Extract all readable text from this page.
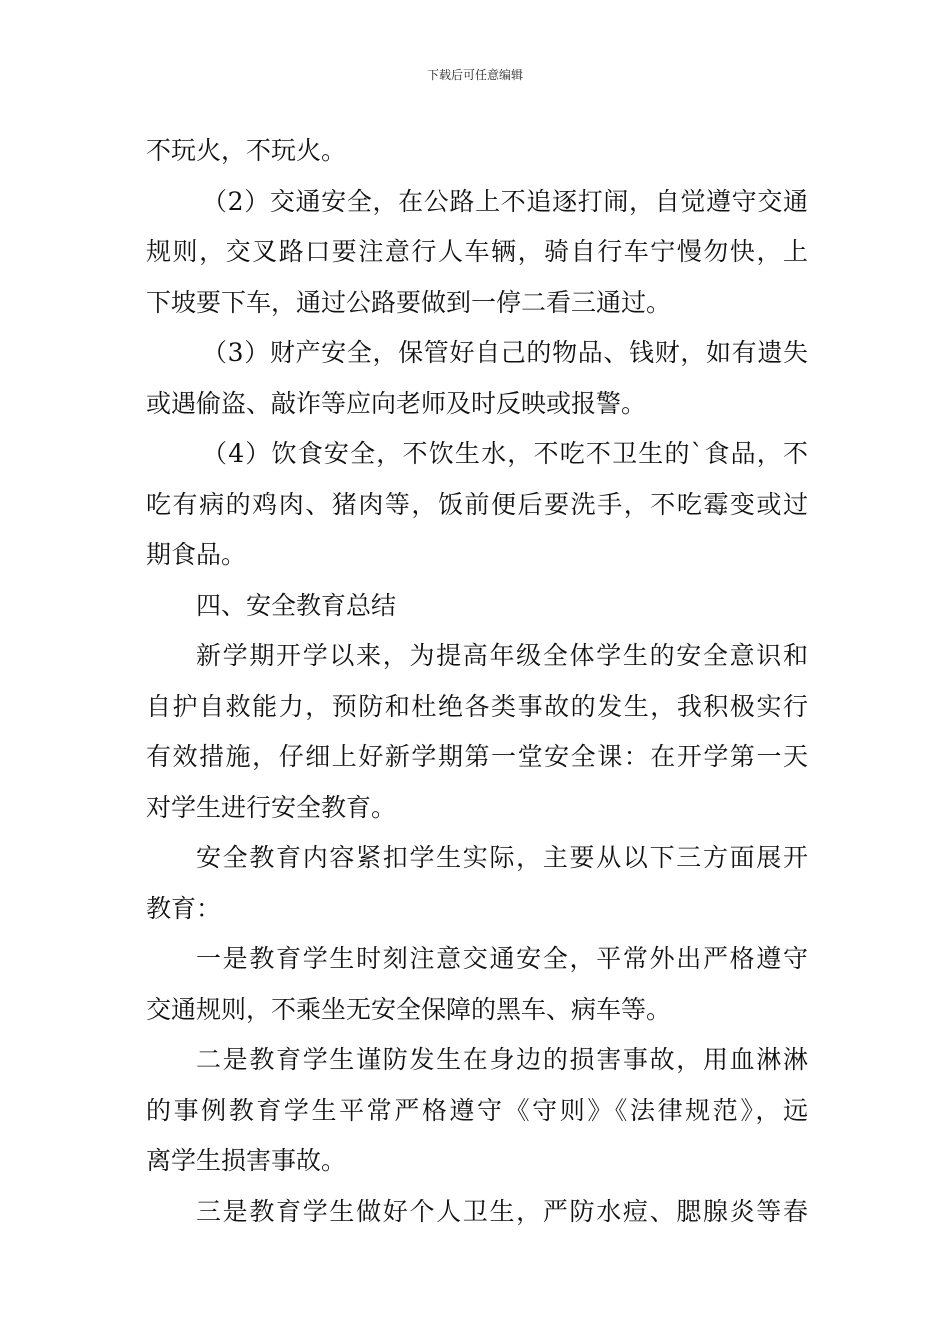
下载后可任意编辑
不玩火，不玩火。
（2）交通安全，在公路上不追逐打闹，自觉遵守交通
规则，交叉路口要注意行人车辆，骑自行车宁慢勿快，上
下坡要下车，通过公路要做到一停二看三通过。
（3）财产安全，保管好自己的物品、钱财，如有遗失
或遇偷盗、敲诈等应向老师及时反映或报警。
（4）饮食安全，不饮生水，不吃不卫生的`食品，不
吃有病的鸡肉、猪肉等，饭前便后要洗手，不吃霉变或过
期食品。
四、安全教育总结
新学期开学以来，为提高年级全体学生的安全意识和
自护自救能力，预防和杜绝各类事故的发生，我积极实行
有效措施，仔细上好新学期第一堂安全课：在开学第一天
对学生进行安全教育。
安全教育内容紧扣学生实际，主要从以下三方面展开
教育：
一是教育学生时刻注意交通安全，平常外出严格遵守
交通规则，不乘坐无安全保障的黑车、病车等。
二是教育学生谨防发生在身边的损害事故，用血淋淋
的事例教育学生平常严格遵守《守则》《法律规范》，远
离学生损害事故。
三是教育学生做好个人卫生，严防水痘、腮腺炎等春
